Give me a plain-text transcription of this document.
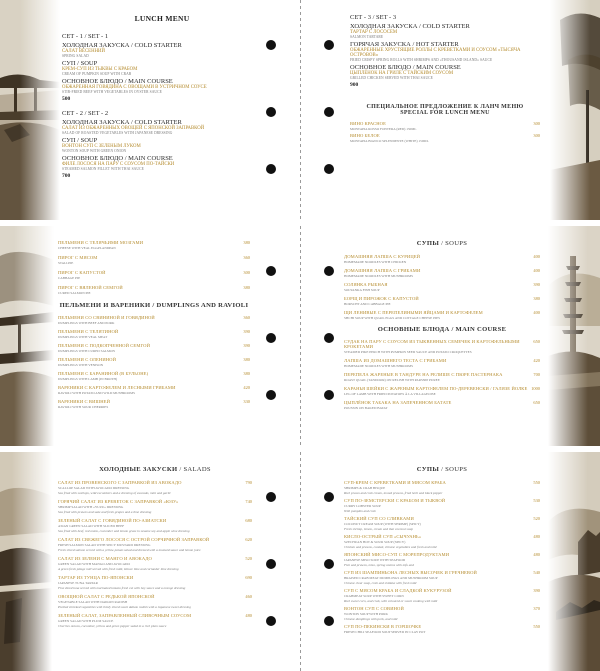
LUNCH MENU
СЕТ - 1 / SET - 1
ХОЛОДНАЯ ЗАКУСКА / COLD STARTER
САЛАТ ВЕСЕННИЙ
SPRING SALAD
СУП / SOUP
КРЕМ-СУП ИЗ ТЫКВЫ С КРАБОМ
CREAM OF PUMPKIN SOUP WITH CRAB
ОСНОВНОЕ БЛЮДО / MAIN COURSE
ОБЖАРЕННАЯ ГОВЯДИНА С ОВОЩАМИ В УСТРИЧНОМ СОУСЕ
STIR-FRIED BEEF WITH VEGETABLES IN OYSTER SAUCE
500
СЕТ - 2 / SET - 2
ХОЛОДНАЯ ЗАКУСКА / COLD STARTER
САЛАТ ИЗ ОБЖАРЕННЫХ ОВОЩЕЙ С ЯПОНСКОЙ ЗАПРАВКОЙ
SALAD OF ROASTED VEGETABLES WITH JAPANESE DRESSING
СУП / SOUP
ВОНТОН СУП С ЗЕЛЕНЫМ ЛУКОМ
WONTON SOUP WITH GREEN ONION
ОСНОВНОЕ БЛЮДО / MAIN COURSE
ФИЛЕ ЛОСОСЯ НА ПАРУ С СОУСОМ ПО-ТАЙСКИ
STEAMED SALMON FILLET WITH THAI SAUCE
700
СЕТ - 3 / SET - 3
ХОЛОДНАЯ ЗАКУСКА / COLD STARTER
ТАРТАР С ЛОСОСЕМ
SALMON TARTARE
ГОРЯЧАЯ ЗАКУСКА / HOT STARTER
ОБЖАРЕННЫЕ ХРУСТЯЩИЕ РОЛЛЫ С КРЕВЕТКАМИ И СОУСОМ «ТЫСЯЧА ОСТРОВОВ»
FRIED CRISPY SPRING ROLLS WITH SHRIMPS AND «THOUSAND ISLAND» SAUCE
ОСНОВНОЕ БЛЮДО / MAIN COURSE
ЦЫПЛЁНОК НА ГРИЛЕ С ТАЙСКИМ СОУСОМ
GRILLED CHICKEN SERVED WITH THAI SAUCE
900
СПЕЦИАЛЬНОЕ ПРЕДЛОЖЕНИЕ К ЛАНЧ МЕНЮ
SPECIAL FOR LUNCH MENU
ВИНО КРАСНОЕ
MONTAPIA ROSSO FONTERA (RED) 150ML
300
ВИНО БЕЛОЕ
MONTAPIA BIANCO SPLENDENTE (WHITE) 150ML
300
ПЕЛЬМЕНИ С ТЕЛЯЧЬИМИ МОЗГАМИ
CHEESE WITH VEAL EGGPLANDPAN
380
ПИРОГ С МЯСОМ
STALLPIE
360
ПИРОГ С КАПУСТОЙ
CABBAGE PIE
300
ПИРОГ С ВЯЛЕНОЙ СЕМГОЙ
CURED SALMON PIE
380
ПЕЛЬМЕНИ И ВАРЕНИКИ / DUMPLINGS AND RAVIOLI
ПЕЛЬМЕНИ СО СВИНИНОЙ И ГОВЯДИНОЙ
DUMPLINGS WITH BEEF AND PORK
360
ПЕЛЬМЕНИ С ТЕЛЯТИНОЙ
DUMPLINGS WITH VEAL MEAT
390
ПЕЛЬМЕНИ С ПОДКОПЧЕННОЙ СЕМГОЙ
DUMPLINGS WITH CURED SALMON
390
ПЕЛЬМЕНИ С ОЛЕНИНОЙ
DUMPLINGS WITH VENISON
380
ПЕЛЬМЕНИ С БАРАНИНОЙ (В БУЛЬОНЕ)
DUMPLINGS WITH LAMB (IN BROTH)
380
ВАРЕНИКИ С КАРТОФЕЛЕМ И ЛЕСНЫМИ ГРИБАМИ
RAVIOLI WITH POTATO AND WILD MUSHROOMS
420
ВАРЕНИКИ С ВИШНЕЙ
RAVIOLI WITH SOUR CHERRIES
330
СУПЫ / SOUPS
ДОМАШНЯЯ ЛАПША С КУРИЦЕЙ
HOMEMADE NOODLES WITH CHICKEN
400
ДОМАШНЯЯ ЛАПША С ГРИБАМИ
HOMEMADE NOODLES WITH MUSHROOMS
400
СОЛЯНКА РЫБНАЯ
SOLYANKA FISH SOUP
390
БОРЩ И ПИРОЖОК С КАПУСТОЙ
BORSCHT AND CABBAGE PIE
380
ЩИ ЛЕНИВЫЕ С ПЕРЕПЕЛИНЫМИ ЯЙЦАМИ И КАРТОФЕЛЕМ
SHCHI SOUP WITH QUAIL EGGS AND COTTAGE CHEESE PIES
400
ОСНОВНЫЕ БЛЮДА / MAIN COURSE
СУДАК НА ПАРУ С СОУСОМ ИЗ ТЫКВЕННЫХ СЕМЕЧЕК И КАРТОФЕЛЬНЫМИ КРОКЕТАМИ
STEAMED PIKE PERCH WITH PUMPKIN SEED SAUCE AND POTATO CROQUETTES
650
ЛАПША ИЗ ДОМАШНЕГО ТЕСТА С ГРИБАМИ
HOMEMADE NOODLES WITH MUSHROOMS
420
ПЕРЕПЕЛА ЖАРЕНЫЕ В ТАНДУРЕ НА РЕЛИШЕ С ПЮРЕ ПАСТЕРНАКА
ROAST QUAIL (TANDOOR) ON RELISH WITH PARSNIP PUREE
700
КАРАНЬЯ ШЕЙКИ С ЖАРЕНЫМ КАРТОФЕЛЕМ ПО-ДЕРЕВЕНСКИ / ГАЛЯЗЕ ЙОЛКЕ
LEG OF LAMB WITH FRIED POTATOES À LA VILLAGEOISE
1000
ЦЫПЛЁНОК ТАБАКА НА ЗАПЕЧЕННОМ БАТАТЕ
POUSSIN ON BAKED BATAT
650
ХОЛОДНЫЕ ЗАКУСКИ / SALADS
САЛАТ ИЗ ПРОВЕНСКОГО С ЗАПРАВКОЙ ИЗ АВОКАДО
SCALLOP SALAD WITH AVOCADO DRESSING
Sea fried with scallops, wild cucumbers and a dressing of avocado, mint and garlic
790
ГОРЯЧИЙ САЛАТ ИЗ КРЕВЕТОК С ЗАПРАВКОЙ «ЮЗУ»
SHRIMP SALAD WITH «YUZU» DRESSING
Sea fried with prawns and sake and fresh grapes and a lime dressing
740
ЗЕЛЕНЫЙ САЛАТ С ГОВЯДИНОЙ ПО-АЗИАТСКИ
ASIAN GREEN SALAD WITH SLICED BEEF
Sea fried with beef, red onion, cucumber and lemon grass in sesame soy and apple wine dressing
680
САЛАТ ИЗ СВЕЖЕГО ЛОСОСЯ С ОСТРОЙ СОРЧИЧНОЙ ЗАПРАВКОЙ
FRESH SALMON SALAD WITH SPICY MUSTARD DRESSING
Fresh sliced salmon served with a yellow potato salad and dressed with a mustard sauce and lemon juice
620
САЛАТ ИЗ ЗЕЛЕНИ С МАНГО И АВОКАДО
GREEN SALAD WITH MANGO AND AVOCADO
A green fresh pitage mill served with fresh mild, lettuce lime and coriander lime dressing
520
ТАРТАР ИЗ ТУНЦА ПО-ЯПОНСКИ
JAPANESE TUNA TARTAR
Fine diced tuna served with marinated tomato fresh cut with hoy sauce and a orange dressing
690
ОВОЩНОЙ САЛАТ С РЕДЬКОЙ ЯПОНСКОЙ
VEGETABLE SALAD WITH DAIKON RADISH
Pickled shrieked vegetables with thinly sliced sweet daikon radish with a Japanese sweet dressing
460
ЗЕЛЕНЫЙ САЛАТ, ЗАПРАВЛЕННЫЙ СЛИВОЧНЫМ СОУСОМ
GREEN SALAD WITH PLUM SAUCE
Cherries onions, cucumber, yellow and green pepper salad in a rich plum sauce
480
СУПЫ / SOUPS
СУП-КРЕМ С КРЕВЕТКАМИ И МЯСОМ КРАБА
SHRIMPS & CRAB BISQUE
Rich prawn and crab cream, tossed prawns, fried herb and black pepper
550
СУП ПО-ЗЕМСТЕРСКИ С КРАБОМ И ТЫКВОЙ
CURRY LOBSTER SOUP
With pumpkin and crab
530
ТАЙСКИЙ СУП СО СЛИВКАМИ
COCONUT CREAM SOUP (WITH SHRIMP) (SPICY)
Fresh shrimp, lemon, cream and thai coconut soup
520
КИСЛО-ОСТРЫЙ СУП «СЫЧУАНЬ»
SZECHUAN HOT & SOUR SOUP (SPICY)
Chicken and prawns, cooked, chinese vegetables and fresh and mild
480
ЯПОНСКИЙ МИСО-СУП С МОРЕПРОДУКТАМИ
JAPANESE MISO SOUP WITH SEAFOOD
Fish and prawns, miso, spring onions with tofu and
480
СУП ИЗ ШАМПИНЬОНА ЛЕСНЫХ ВЫСОЧЕК И ГРЕЧНЕВОЙ
BRAISED CRAB MEAT DUMPLINGS AND MUSHROOM SOUP
Chinese clear soup, crab and shiitake with fresh mild
540
СУП С МЯСОМ КРАБА И СЛАДКОЙ КУКУРУЗОЙ
CRABMEAT SOUP WITH SWEET CORN
Rich sweet corn, and crab, with coloured or sweet cooking with mild
390
ВОНТОН СУП С СОВИНОЙ
WONTON SOUP WITH PORK
Chinese dumplings with pork, and mild
370
СУП ПО-ПЕКИНСКИ В ГОРШОЧКЕ
FRESH CHILI SEAFOOD SOUP SERVED IN CLAY POT
550
